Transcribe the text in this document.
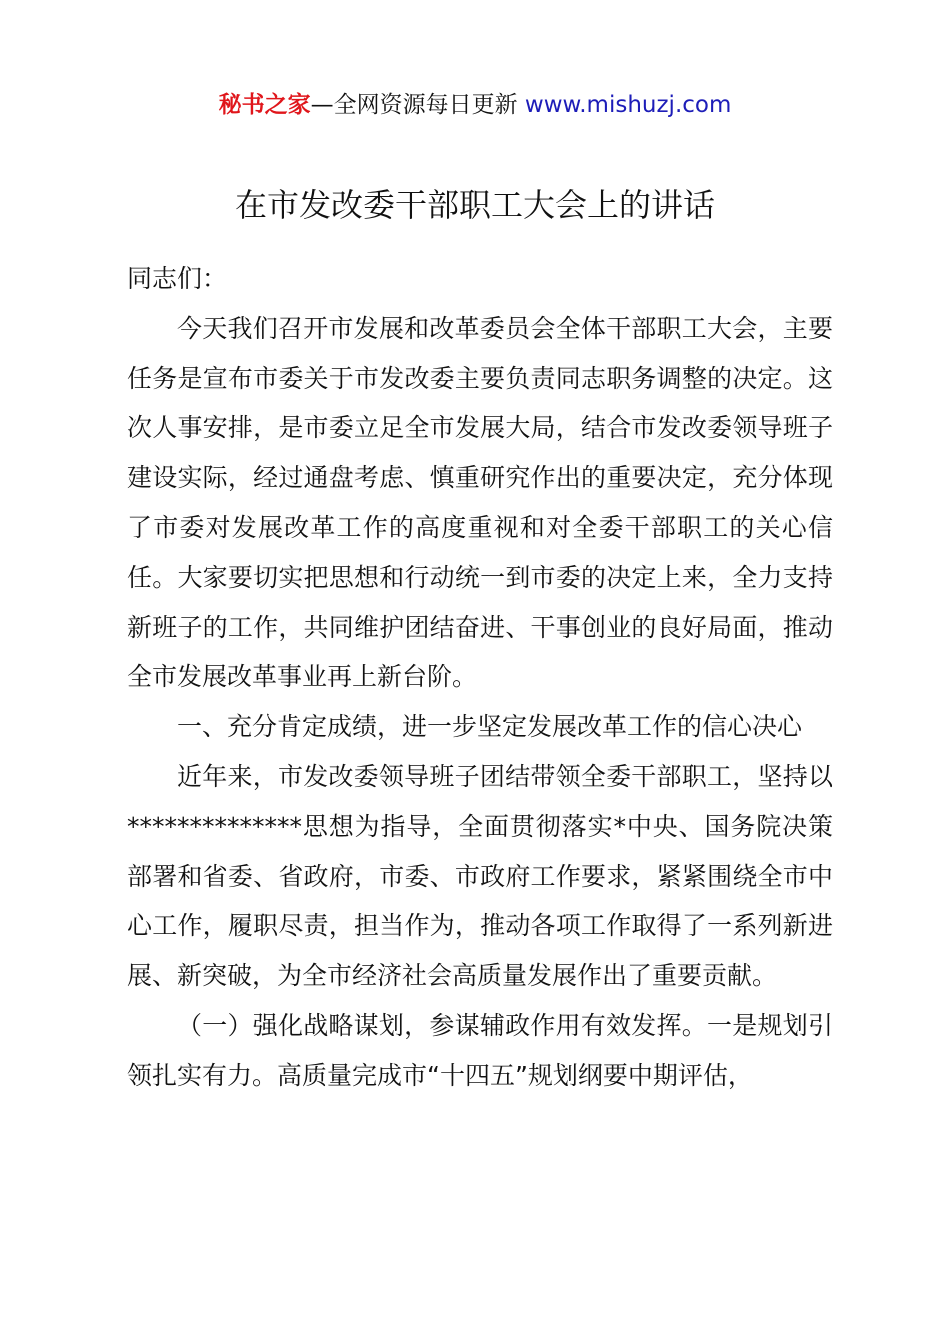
秘书之家—全网资源每日更新 www.mishuzj.com
在市发改委干部职工大会上的讲话

同志们：

今天我们召开市发展和改革委员会全体干部职工大会，主要任务是宣布市委关于市发改委主要负责同志职务调整的决定。这次人事安排，是市委立足全市发展大局，结合市发改委领导班子建设实际，经过通盘考虑、慎重研究作出的重要决定，充分体现了市委对发展改革工作的高度重视和对全委干部职工的关心信任。大家要切实把思想和行动统一到市委的决定上来，全力支持新班子的工作，共同维护团结奋进、干事创业的良好局面，推动全市发展改革事业再上新台阶。

一、充分肯定成绩，进一步坚定发展改革工作的信心决心

近年来，市发改委领导班子团结带领全委干部职工，坚持以**************思想为指导，全面贯彻落实*中央、国务院决策部署和省委、省政府，市委、市政府工作要求，紧紧围绕全市中心工作，履职尽责，担当作为，推动各项工作取得了一系列新进展、新突破，为全市经济社会高质量发展作出了重要贡献。

（一）强化战略谋划，参谋辅政作用有效发挥。一是规划引领扎实有力。高质量完成市“十四五”规划纲要中期评估，
